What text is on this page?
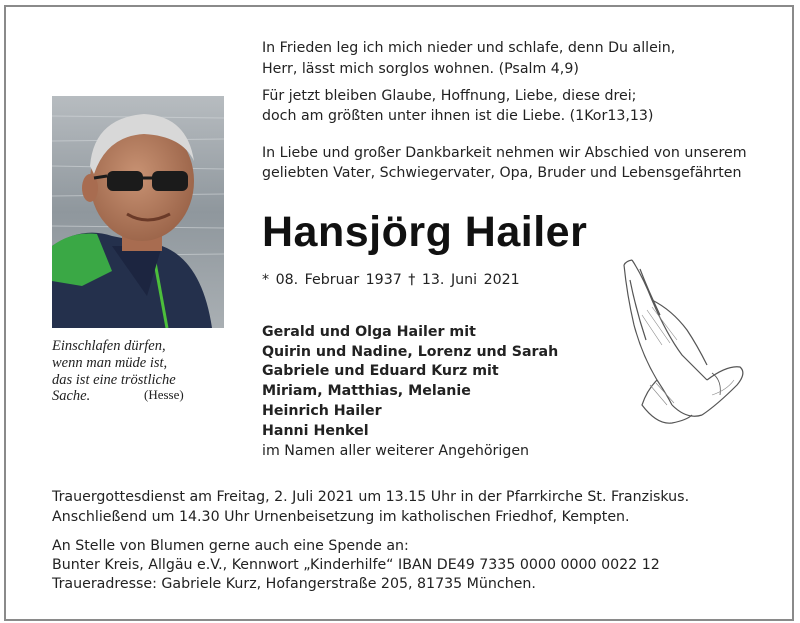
In Frieden leg ich mich nieder und schlafe, denn Du allein,
Herr, lässt mich sorglos wohnen. (Psalm 4,9)
Für jetzt bleiben Glaube, Hoffnung, Liebe, diese drei;
doch am größten unter ihnen ist die Liebe. (1Kor13,13)
In Liebe und großer Dankbarkeit nehmen wir Abschied von unserem
geliebten Vater, Schwiegervater, Opa, Bruder und Lebensgefährten
Hansjörg Hailer
* 08. Februar 1937 † 13. Juni 2021
Einschlafen dürfen,
wenn man müde ist,
das ist eine tröstliche
Sache.	(Hesse)
Gerald und Olga Hailer mit
Quirin und Nadine, Lorenz und Sarah
Gabriele und Eduard Kurz mit
Miriam, Matthias, Melanie
Heinrich Hailer
Hanni Henkel
im Namen aller weiterer Angehörigen
Trauergottesdienst am Freitag, 2. Juli 2021 um 13.15 Uhr in der Pfarrkirche St. Franziskus.
Anschließend um 14.30 Uhr Urnenbeisetzung im katholischen Friedhof, Kempten.
An Stelle von Blumen gerne auch eine Spende an:
Bunter Kreis, Allgäu e.V., Kennwort „Kinderhilfe“ IBAN DE49 7335 0000 0000 0022 12
Traueradresse: Gabriele Kurz, Hofangerstraße 205, 81735 München.
